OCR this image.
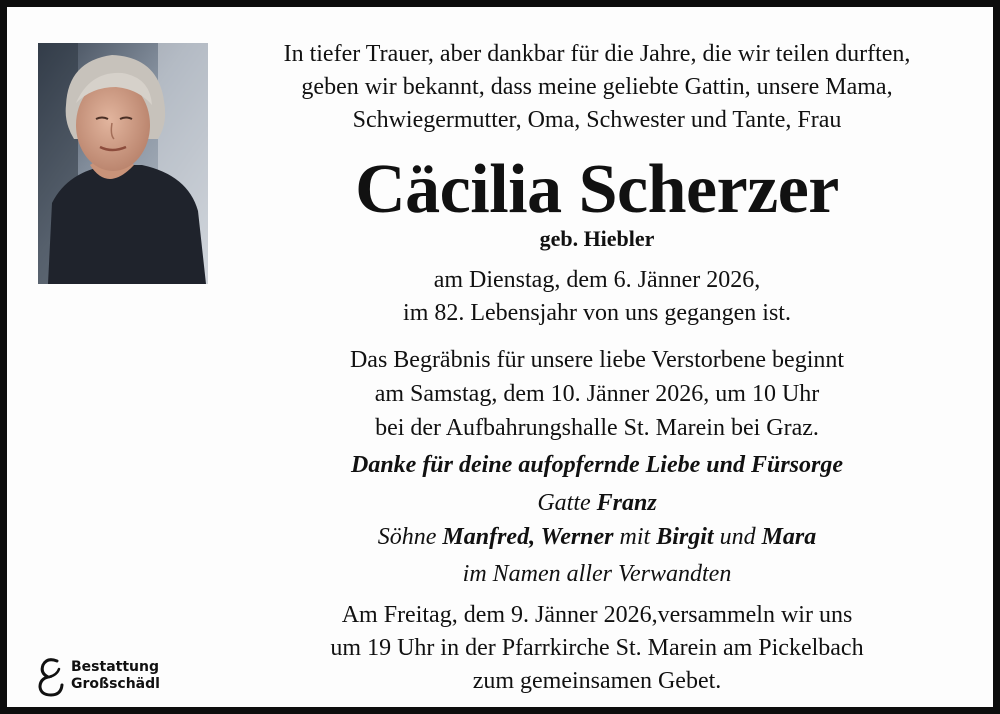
In tiefer Trauer, aber dankbar für die Jahre, die wir teilen durften,
geben wir bekannt, dass meine geliebte Gattin, unsere Mama,
Schwiegermutter, Oma, Schwester und Tante, Frau
Cäcilia Scherzer
geb. Hiebler
am Dienstag, dem 6. Jänner 2026,
im 82. Lebensjahr von uns gegangen ist.
Das Begräbnis für unsere liebe Verstorbene beginnt
am Samstag, dem 10. Jänner 2026, um 10 Uhr
bei der Aufbahrungshalle St. Marein bei Graz.
Danke für deine aufopfernde Liebe und Fürsorge
Gatte Franz
Söhne Manfred, Werner mit Birgit und Mara
im Namen aller Verwandten
Am Freitag, dem 9. Jänner 2026,versammeln wir uns
um 19 Uhr in der Pfarrkirche St. Marein am Pickelbach
zum gemeinsamen Gebet.
Bestattung
Großschädl
